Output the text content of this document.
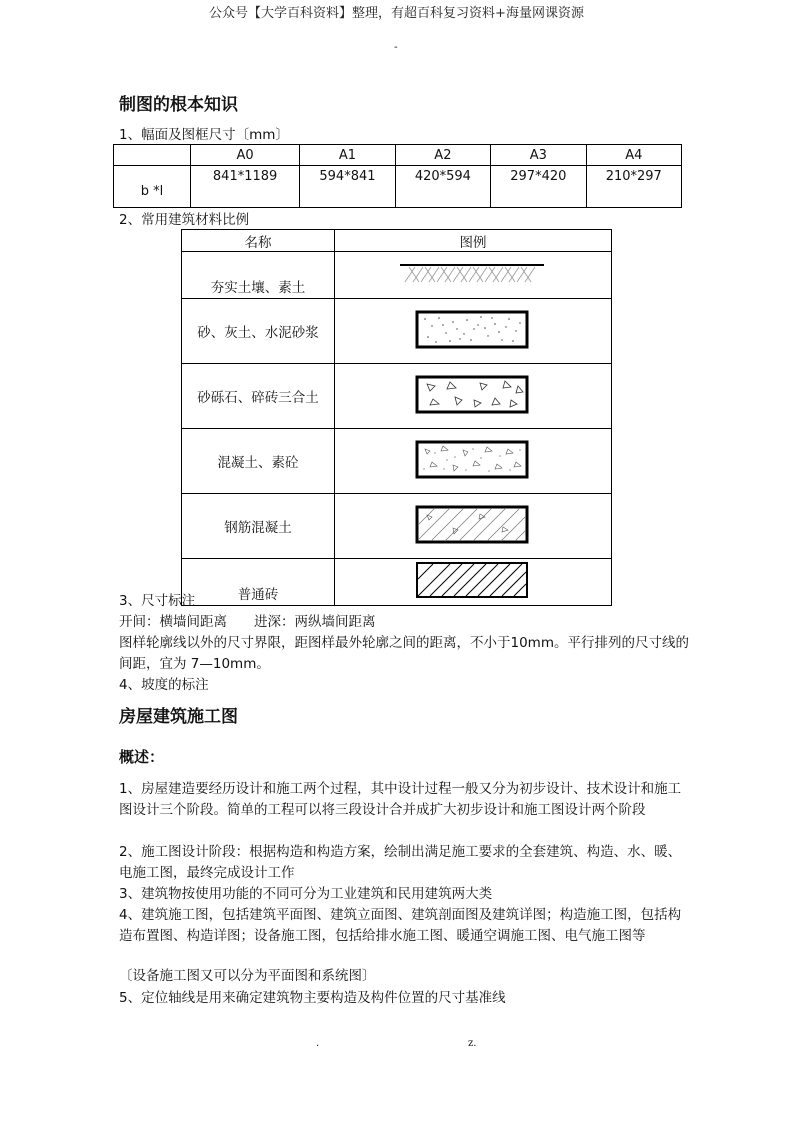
公众号【大学百科资料】整理，有超百科复习资料+海量网课资源
-
制图的根本知识
1、幅面及图框尺寸〔mm〕
	A0	A1	A2	A3	A4
b *l	841*1189	594*841	420*594	297*420	210*297
2、常用建筑材料比例
名称	图例
夯实土壤、素土	
砂、灰土、水泥砂浆	
砂砾石、碎砖三合土	
混凝土、素砼	
钢筋混凝土	
普通砖	
3、尺寸标注
开间：横墙间距离　　进深：两纵墙间距离
图样轮廓线以外的尺寸界限，距图样最外轮廓之间的距离，不小于10mm。平行排列的尺寸线的间距，宜为 7—10mm。
4、坡度的标注
房屋建筑施工图
概述：
1、房屋建造要经历设计和施工两个过程，其中设计过程一般又分为初步设计、技术设计和施工图设计三个阶段。简单的工程可以将三段设计合并成扩大初步设计和施工图设计两个阶段
2、施工图设计阶段：根据构造和构造方案，绘制出满足施工要求的全套建筑、构造、水、暖、电施工图，最终完成设计工作
3、建筑物按使用功能的不同可分为工业建筑和民用建筑两大类
4、建筑施工图，包括建筑平面图、建筑立面图、建筑剖面图及建筑详图；构造施工图，包括构造布置图、构造详图；设备施工图，包括给排水施工图、暖通空调施工图、电气施工图等
〔设备施工图又可以分为平面图和系统图〕
5、定位轴线是用来确定建筑物主要构造及构件位置的尺寸基准线
.	z.
